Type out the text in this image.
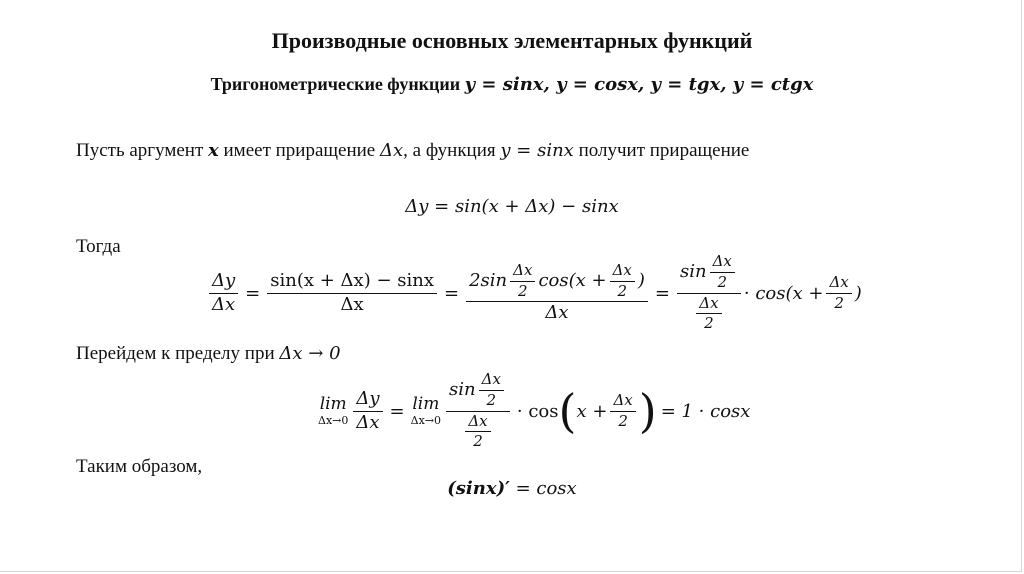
Производные основных элементарных функций
Тригонометрические функции y = sinx, y = cosx, y = tgx, y = ctgx
Пусть аргумент x имеет приращение Δx, а функция y = sinx получит приращение
Δy = sin(x + Δx) − sinx
Тогда
$\frac{\Delta y}{\Delta x} = \frac{\sin(x + \Delta x) - \sin x}{\Delta x} = \frac{2\sin \frac{\Delta x}{2} \cos(x + \frac{\Delta x}{2} )}{\Delta x} = \frac{\sin \frac{\Delta x}{2}}{\frac{\Delta x}{2}} \cdot \cos(x + \frac{\Delta x}{2}$ )
Перейдем к пределу при Δx → 0
lim
$\Delta x\to 0 \frac{\Delta y}{\Delta x} = \lim$
$\Delta x\to 0 \frac{\sin \frac{\Delta x}{2}}{\frac{\Delta x}{2}} \cdot \cos$ ( $x + \frac{\Delta x}{2}$ ) = 1 · cosx
Таким образом,
(sinx)′ = cosx
